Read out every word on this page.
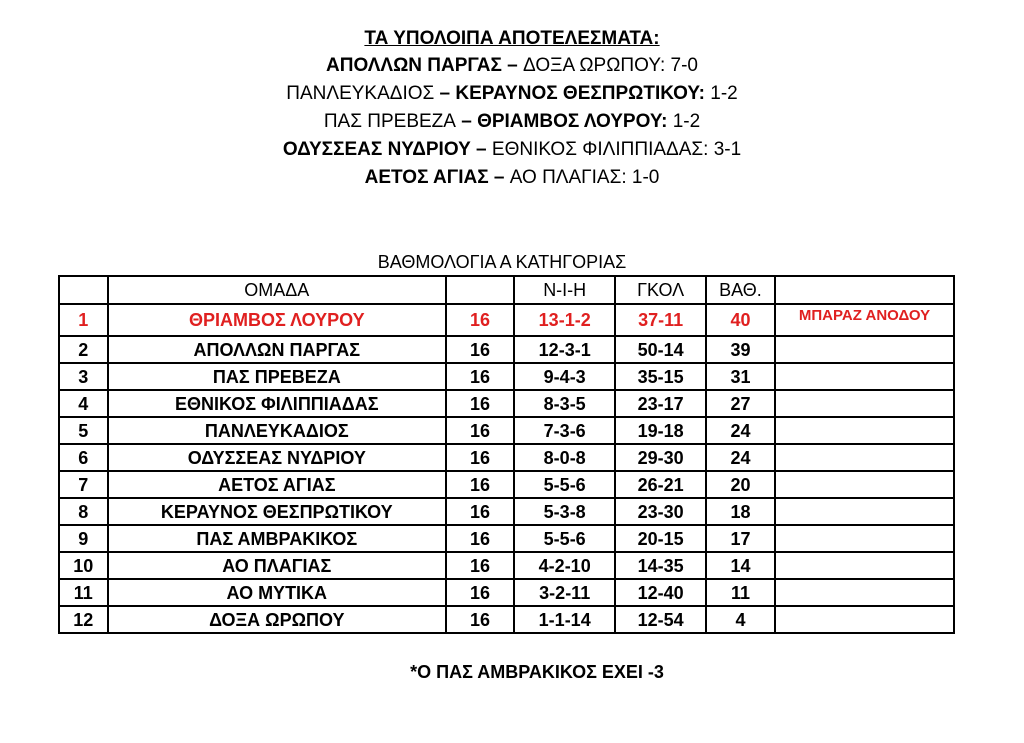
ΤΑ ΥΠΟΛΟΙΠΑ ΑΠΟΤΕΛΕΣΜΑΤΑ:

ΑΠΟΛΛΩΝ ΠΑΡΓΑΣ – ΔΟΞΑ ΩΡΩΠΟΥ: 7-0

ΠΑΝΛΕΥΚΑΔΙΟΣ – ΚΕΡΑΥΝΟΣ ΘΕΣΠΡΩΤΙΚΟΥ: 1-2

ΠΑΣ ΠΡΕΒΕΖΑ – ΘΡΙΑΜΒΟΣ ΛΟΥΡΟΥ: 1-2

ΟΔΥΣΣΕΑΣ ΝΥΔΡΙΟΥ – ΕΘΝΙΚΟΣ ΦΙΛΙΠΠΙΑΔΑΣ: 3-1

ΑΕΤΟΣ ΑΓΙΑΣ – ΑΟ ΠΛΑΓΙΑΣ: 1-0

ΒΑΘΜΟΛΟΓΙΑ Α ΚΑΤΗΓΟΡΙΑΣ

	ΟΜΑΔΑ		Ν-Ι-Η	ΓΚΟΛ	ΒΑΘ.	
1	ΘΡΙΑΜΒΟΣ ΛΟΥΡΟΥ	16	13-1-2	37-11	40	ΜΠΑΡΑΖ ΑΝΟΔΟΥ
2	ΑΠΟΛΛΩΝ ΠΑΡΓΑΣ	16	12-3-1	50-14	39	
3	ΠΑΣ ΠΡΕΒΕΖΑ	16	9-4-3	35-15	31	
4	ΕΘΝΙΚΟΣ ΦΙΛΙΠΠΙΑΔΑΣ	16	8-3-5	23-17	27	
5	ΠΑΝΛΕΥΚΑΔΙΟΣ	16	7-3-6	19-18	24	
6	ΟΔΥΣΣΕΑΣ ΝΥΔΡΙΟΥ	16	8-0-8	29-30	24	
7	ΑΕΤΟΣ ΑΓΙΑΣ	16	5-5-6	26-21	20	
8	ΚΕΡΑΥΝΟΣ ΘΕΣΠΡΩΤΙΚΟΥ	16	5-3-8	23-30	18	
9	ΠΑΣ ΑΜΒΡΑΚΙΚΟΣ	16	5-5-6	20-15	17	
10	ΑΟ ΠΛΑΓΙΑΣ	16	4-2-10	14-35	14	
11	ΑΟ ΜΥΤΙΚΑ	16	3-2-11	12-40	11	
12	ΔΟΞΑ ΩΡΩΠΟΥ	16	1-1-14	12-54	4	

*Ο ΠΑΣ ΑΜΒΡΑΚΙΚΟΣ ΕΧΕΙ -3
